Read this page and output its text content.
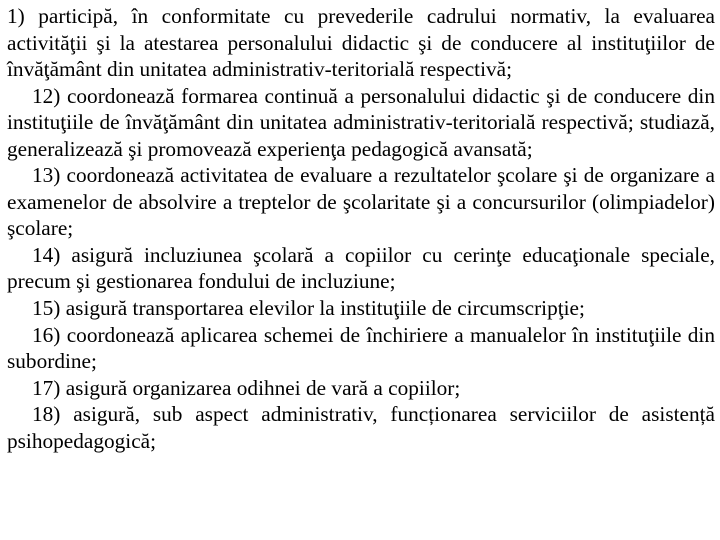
1) participă, în conformitate cu prevederile cadrului normativ, la evaluarea activităţii şi la atestarea personalului didactic şi de conducere al instituţiilor de învăţământ din unitatea administrativ-teritorială respectivă;

12) coordonează formarea continuă a personalului didactic şi de conducere din instituţiile de învăţământ din unitatea administrativ-teritorială respectivă; studiază, generalizează şi promovează experienţa pedagogică avansată;

13) coordonează activitatea de evaluare a rezultatelor şcolare şi de organizare a examenelor de absolvire a treptelor de şcolaritate şi a concursurilor (olimpiadelor) şcolare;

14) asigură incluziunea şcolară a copiilor cu cerinţe educaţionale speciale, precum şi gestionarea fondului de incluziune;

15) asigură transportarea elevilor la instituţiile de circumscripţie;

16) coordonează aplicarea schemei de închiriere a manualelor în instituţiile din subordine;

17) asigură organizarea odihnei de vară a copiilor;

18) asigură, sub aspect administrativ, funcționarea serviciilor de asistență psihopedagogică;
